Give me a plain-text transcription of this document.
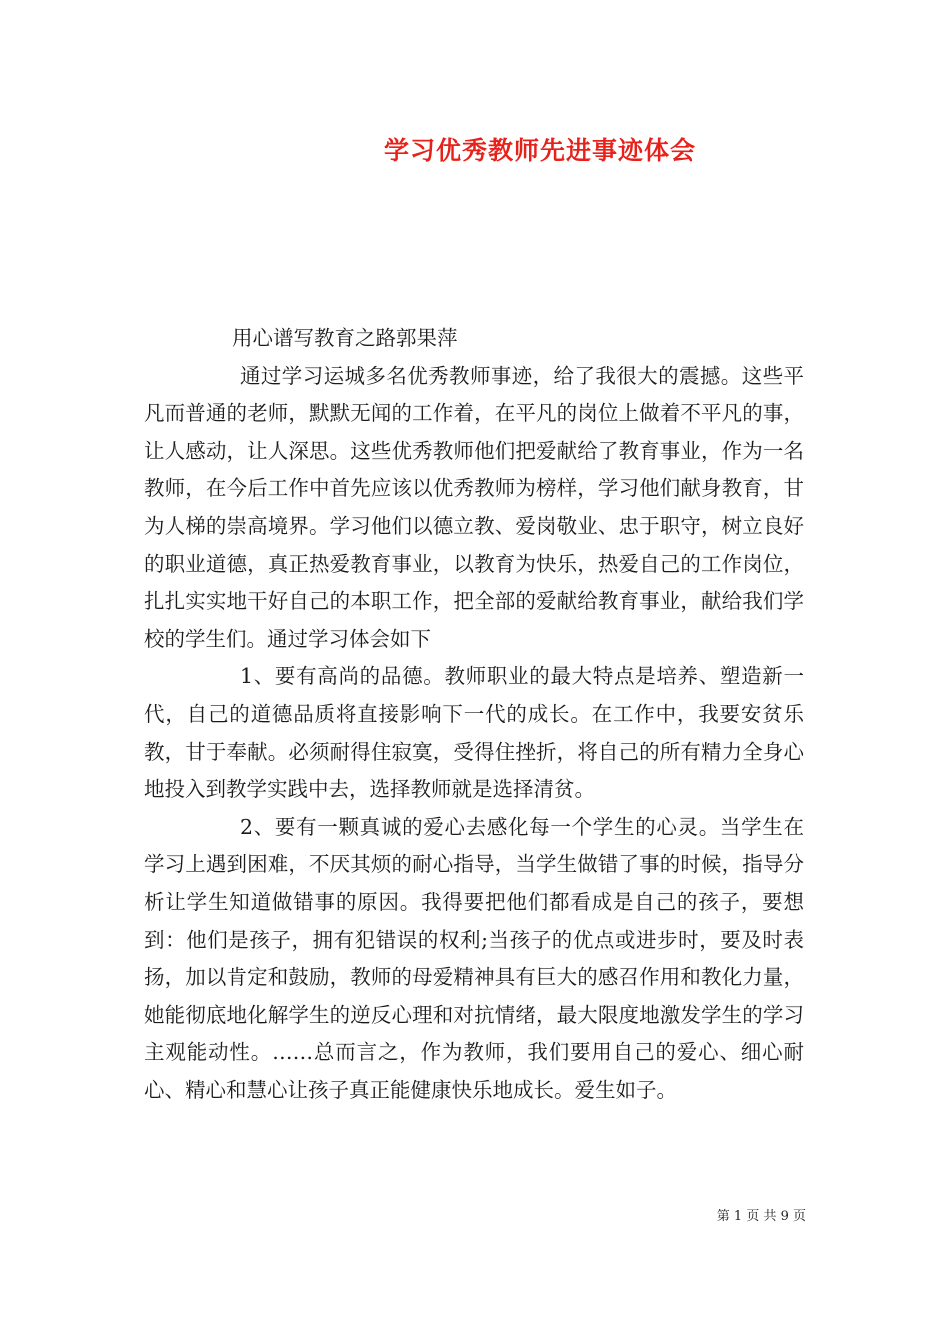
学习优秀教师先进事迹体会

用心谱写教育之路郭果萍

通过学习运城多名优秀教师事迹，给了我很大的震撼。这些平凡而普通的老师，默默无闻的工作着，在平凡的岗位上做着不平凡的事，让人感动，让人深思。这些优秀教师他们把爱献给了教育事业，作为一名教师，在今后工作中首先应该以优秀教师为榜样，学习他们献身教育，甘为人梯的崇高境界。学习他们以德立教、爱岗敬业、忠于职守，树立良好的职业道德，真正热爱教育事业，以教育为快乐，热爱自己的工作岗位，扎扎实实地干好自己的本职工作，把全部的爱献给教育事业，献给我们学校的学生们。通过学习体会如下

1、要有高尚的品德。教师职业的最大特点是培养、塑造新一代，自己的道德品质将直接影响下一代的成长。在工作中，我要安贫乐教，甘于奉献。必须耐得住寂寞，受得住挫折，将自己的所有精力全身心地投入到教学实践中去，选择教师就是选择清贫。

2、要有一颗真诚的爱心去感化每一个学生的心灵。当学生在学习上遇到困难，不厌其烦的耐心指导，当学生做错了事的时候，指导分析让学生知道做错事的原因。我得要把他们都看成是自己的孩子，要想到：他们是孩子，拥有犯错误的权利;当孩子的优点或进步时，要及时表扬，加以肯定和鼓励，教师的母爱精神具有巨大的感召作用和教化力量，她能彻底地化解学生的逆反心理和对抗情绪，最大限度地激发学生的学习主观能动性。……总而言之，作为教师，我们要用自己的爱心、细心耐心、精心和慧心让孩子真正能健康快乐地成长。爱生如子。

第 1 页 共 9 页
